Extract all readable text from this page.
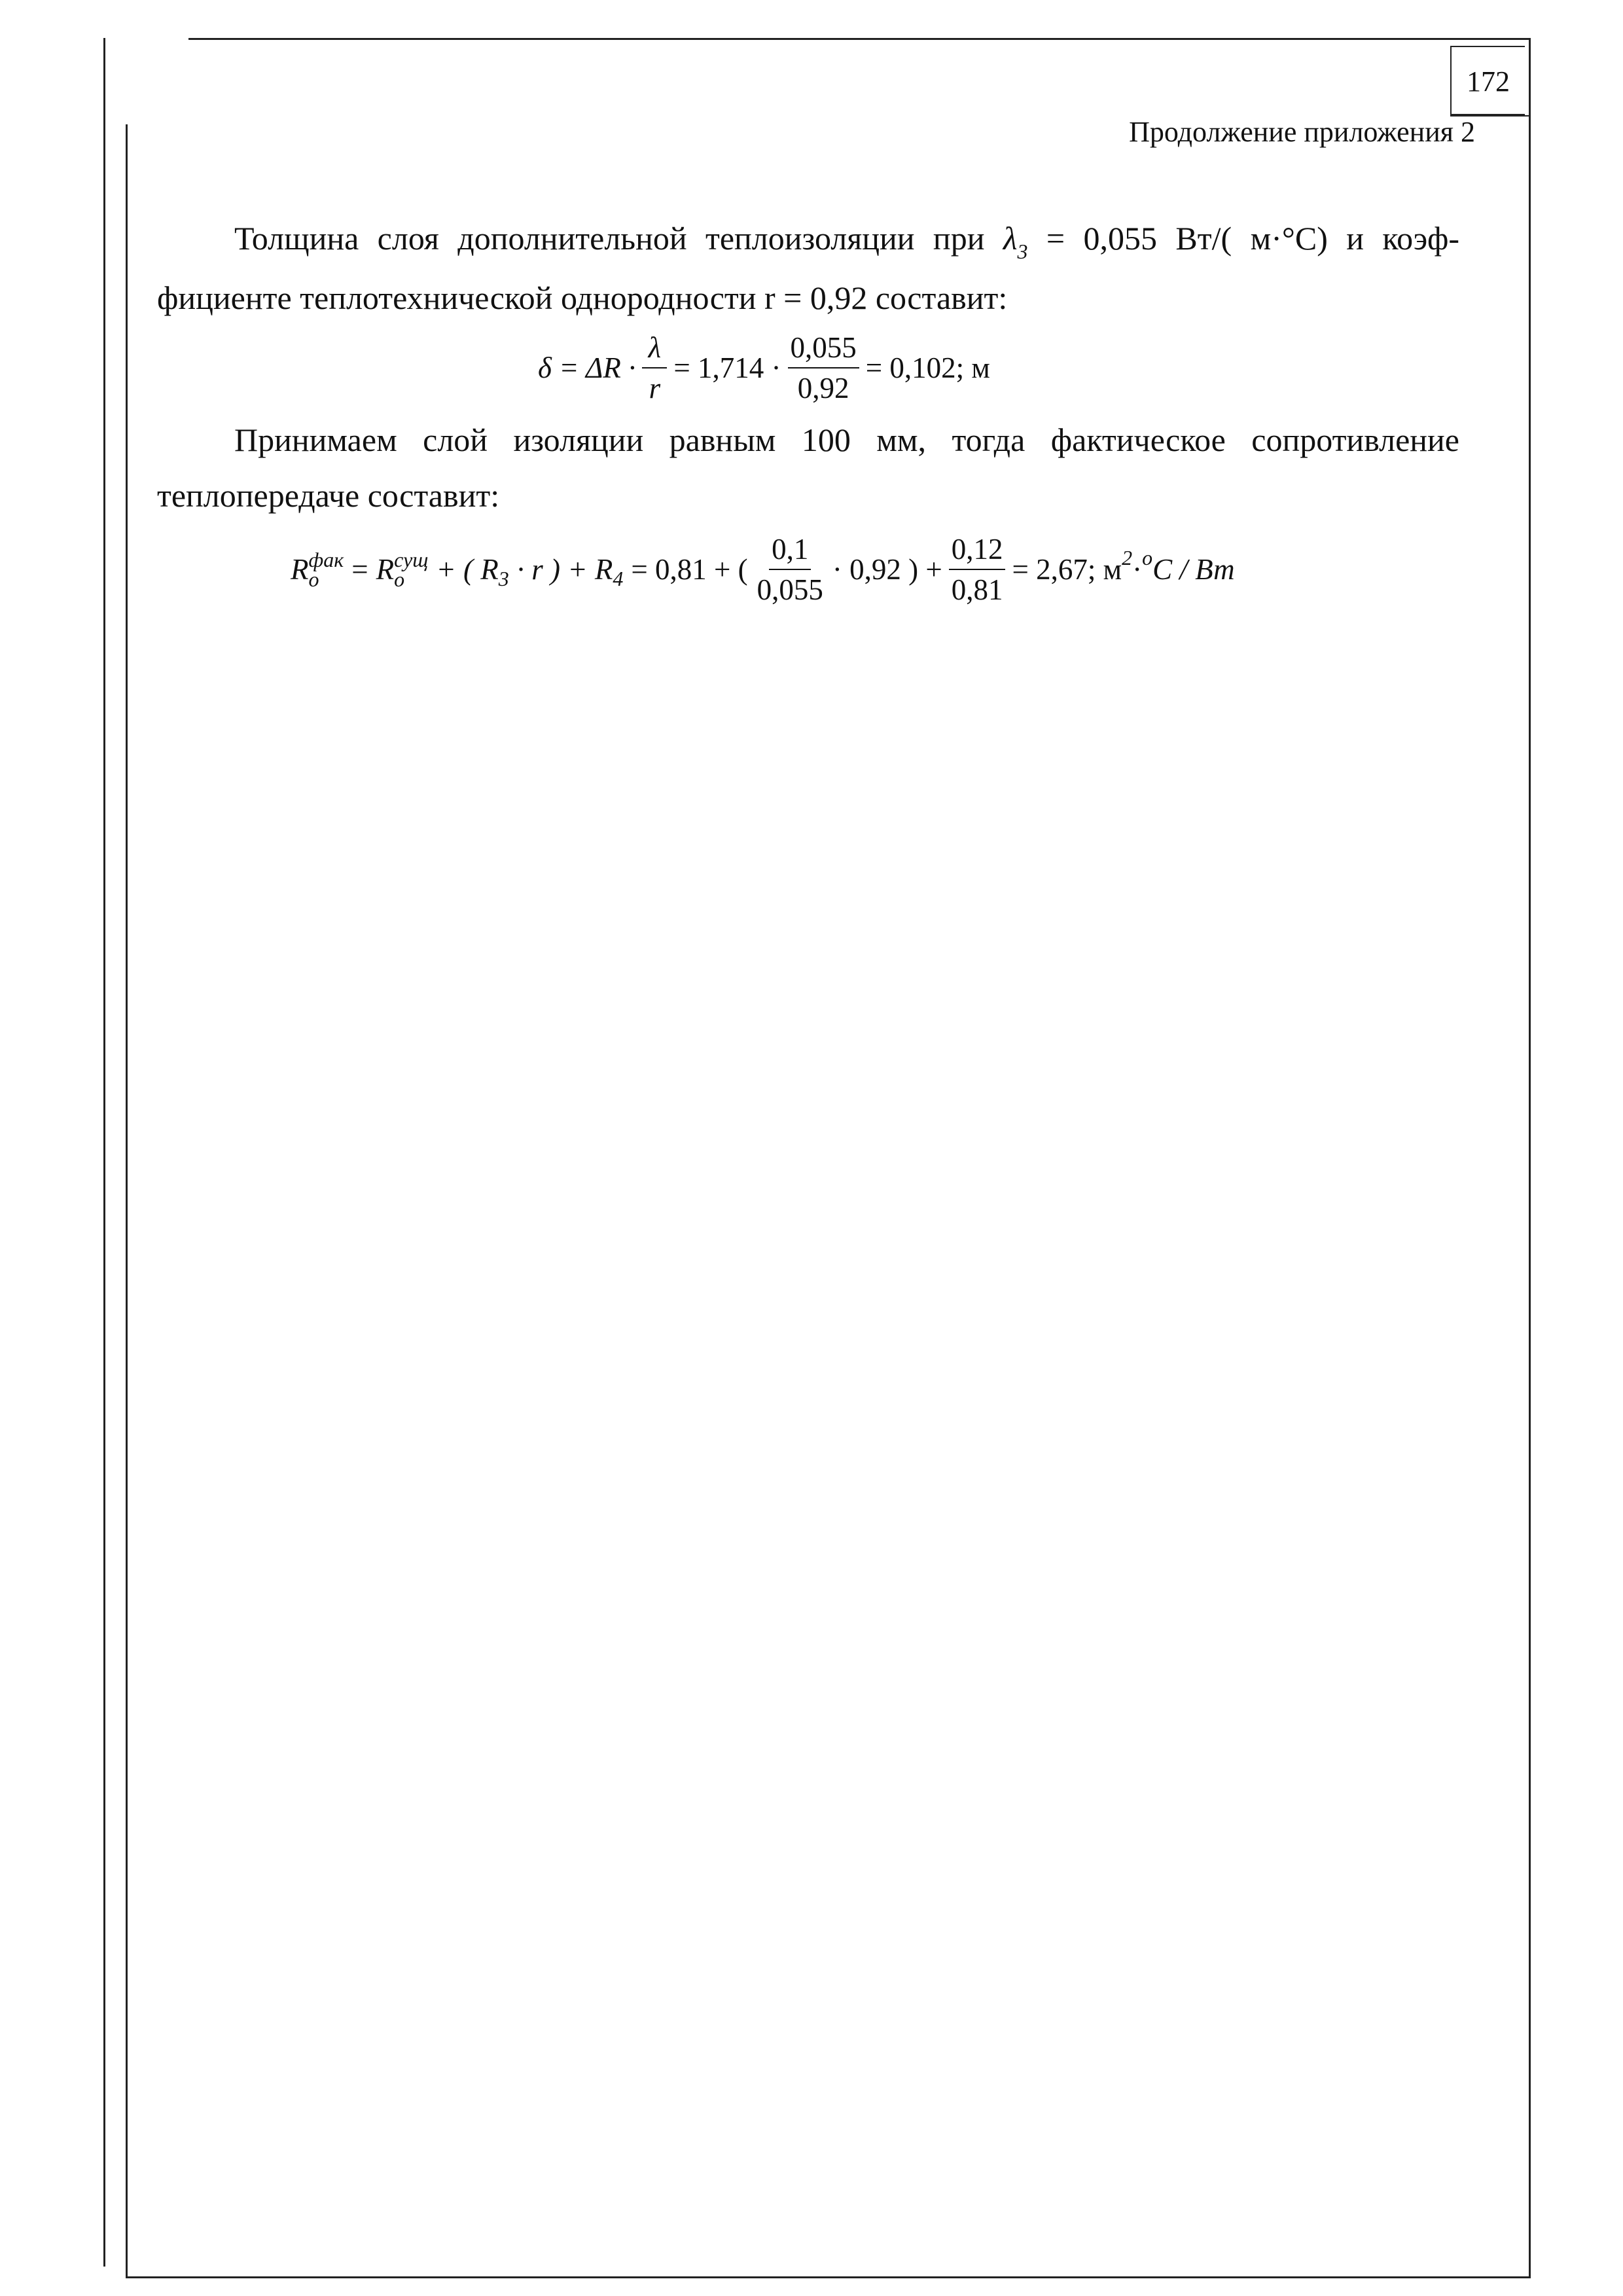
172
Продолжение приложения 2

Толщина слоя дополнительной теплоизоляции при $\lambda_3 = 0,055$ Вт/( м·°С) и коэф- фициенте теплотехнической однородности r = 0,92 составит:

$\delta = \Delta R \cdot \frac{\lambda}{r} = 1,714 \cdot \frac{0,055}{0,92} = 0,102$; м

Принимаем слой изоляции равным 100 мм, тогда фактическое сопротивление теплопередаче составит:

R фак
o	= R сущ
o	+ ( R 3 · r ) + R 4 = 0,81 + ( $\frac{0,1}{0,055} \cdot 0,92$ ) + $\frac{0,12}{0,81} = 2,67$; м 2 · о C / Вт
